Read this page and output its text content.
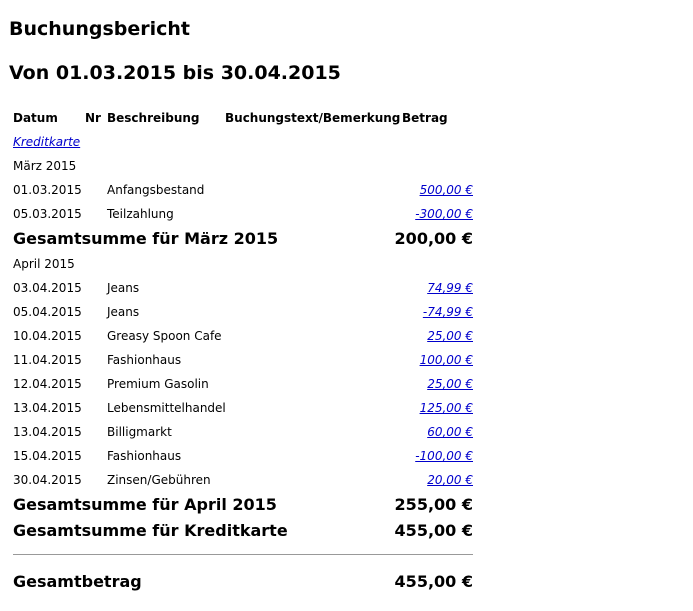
Buchungsbericht
Von 01.03.2015 bis 30.04.2015
Datum Nr Beschreibung Buchungstext/Bemerkung Betrag
Kreditkarte
März 2015
01.03.2015 Anfangsbestand	500,00 €
05.03.2015 Teilzahlung	-300,00 €
Gesamtsumme für März 2015	200,00 €
April 2015
03.04.2015 Jeans	74,99 €
05.04.2015 Jeans	-74,99 €
10.04.2015 Greasy Spoon Cafe	25,00 €
11.04.2015 Fashionhaus	100,00 €
12.04.2015 Premium Gasolin	25,00 €
13.04.2015 Lebensmittelhandel	125,00 €
13.04.2015 Billigmarkt	60,00 €
15.04.2015 Fashionhaus	-100,00 €
30.04.2015 Zinsen/Gebühren	20,00 €
Gesamtsumme für April 2015	255,00 €
Gesamtsumme für Kreditkarte	455,00 €
Gesamtbetrag	455,00 €
